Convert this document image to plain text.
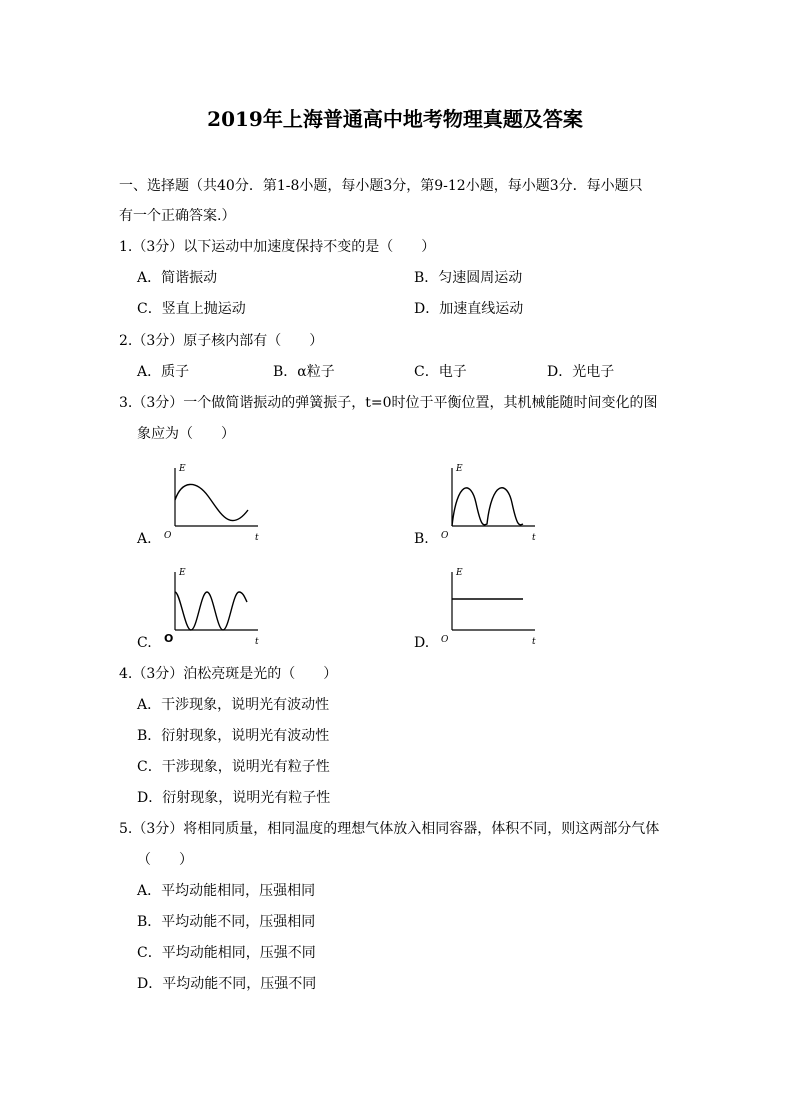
2019年上海普通高中地考物理真题及答案
一、选择题（共40分．第1-8小题，每小题3分，第9-12小题，每小题3分．每小题只
有一个正确答案.）
1.（3分）以下运动中加速度保持不变的是（　　）
A．简谐振动	B．匀速圆周运动
C．竖直上抛运动	D．加速直线运动
2.（3分）原子核内部有（　　）
A．质子	B．α粒子	C．电子	D．光电子
3.（3分）一个做简谐振动的弹簧振子，t=0时位于平衡位置，其机械能随时间变化的图
象应为（　　）
A.	B.
C.	D.
E
t
O
E
t
O
E
t
O
E
t
O
4.（3分）泊松亮斑是光的（　　）
A．干涉现象，说明光有波动性
B．衍射现象，说明光有波动性
C．干涉现象，说明光有粒子性
D．衍射现象，说明光有粒子性
5.（3分）将相同质量，相同温度的理想气体放入相同容器，体积不同，则这两部分气体
（　　）
A．平均动能相同，压强相同
B．平均动能不同，压强相同
C．平均动能相同，压强不同
D．平均动能不同，压强不同
